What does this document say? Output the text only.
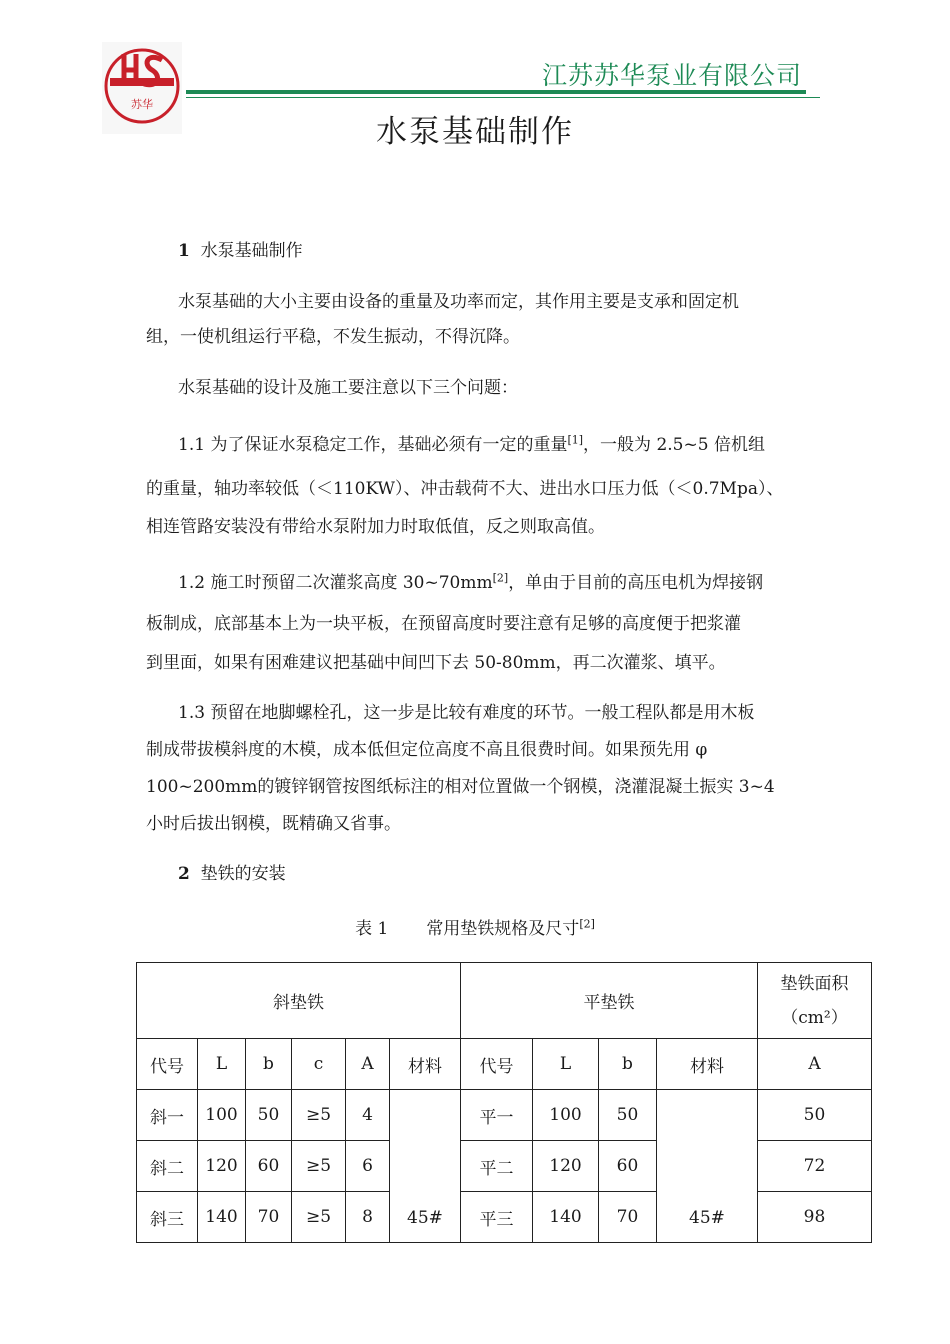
苏华
江苏苏华泵业有限公司
水泵基础制作
1 水泵基础制作
水泵基础的大小主要由设备的重量及功率而定，其作用主要是支承和固定机
组，一使机组运行平稳，不发生振动，不得沉降。
水泵基础的设计及施工要注意以下三个问题：
1.1 为了保证水泵稳定工作，基础必须有一定的重量[1]，一般为 2.5~5 倍机组
的重量，轴功率较低（＜110KW）、冲击载荷不大、进出水口压力低（＜0.7Mpa）、
相连管路安装没有带给水泵附加力时取低值，反之则取高值。
1.2 施工时预留二次灌浆高度 30~70mm[2]，单由于目前的高压电机为焊接钢
板制成，底部基本上为一块平板，在预留高度时要注意有足够的高度便于把浆灌
到里面，如果有困难建议把基础中间凹下去 50-80mm，再二次灌浆、填平。
1.3 预留在地脚螺栓孔，这一步是比较有难度的环节。一般工程队都是用木板
制成带拔模斜度的木模，成本低但定位高度不高且很费时间。如果预先用 φ
100~200mm的镀锌钢管按图纸标注的相对位置做一个钢模，浇灌混凝土振实 3~4
小时后拔出钢模，既精确又省事。
2 垫铁的安装
表 1 常用垫铁规格及尺寸[2]
斜垫铁						平垫铁				垫铁面积
（cm²）

代号	L	b	c	A	材料	代号	L	b	材料	A
斜一	100	50	≥5	4	45#	平一	100	50	45#	50
斜二	120	60	≥5	6		平二	120	60		72
斜三	140	70	≥5	8		平三	140	70		98
